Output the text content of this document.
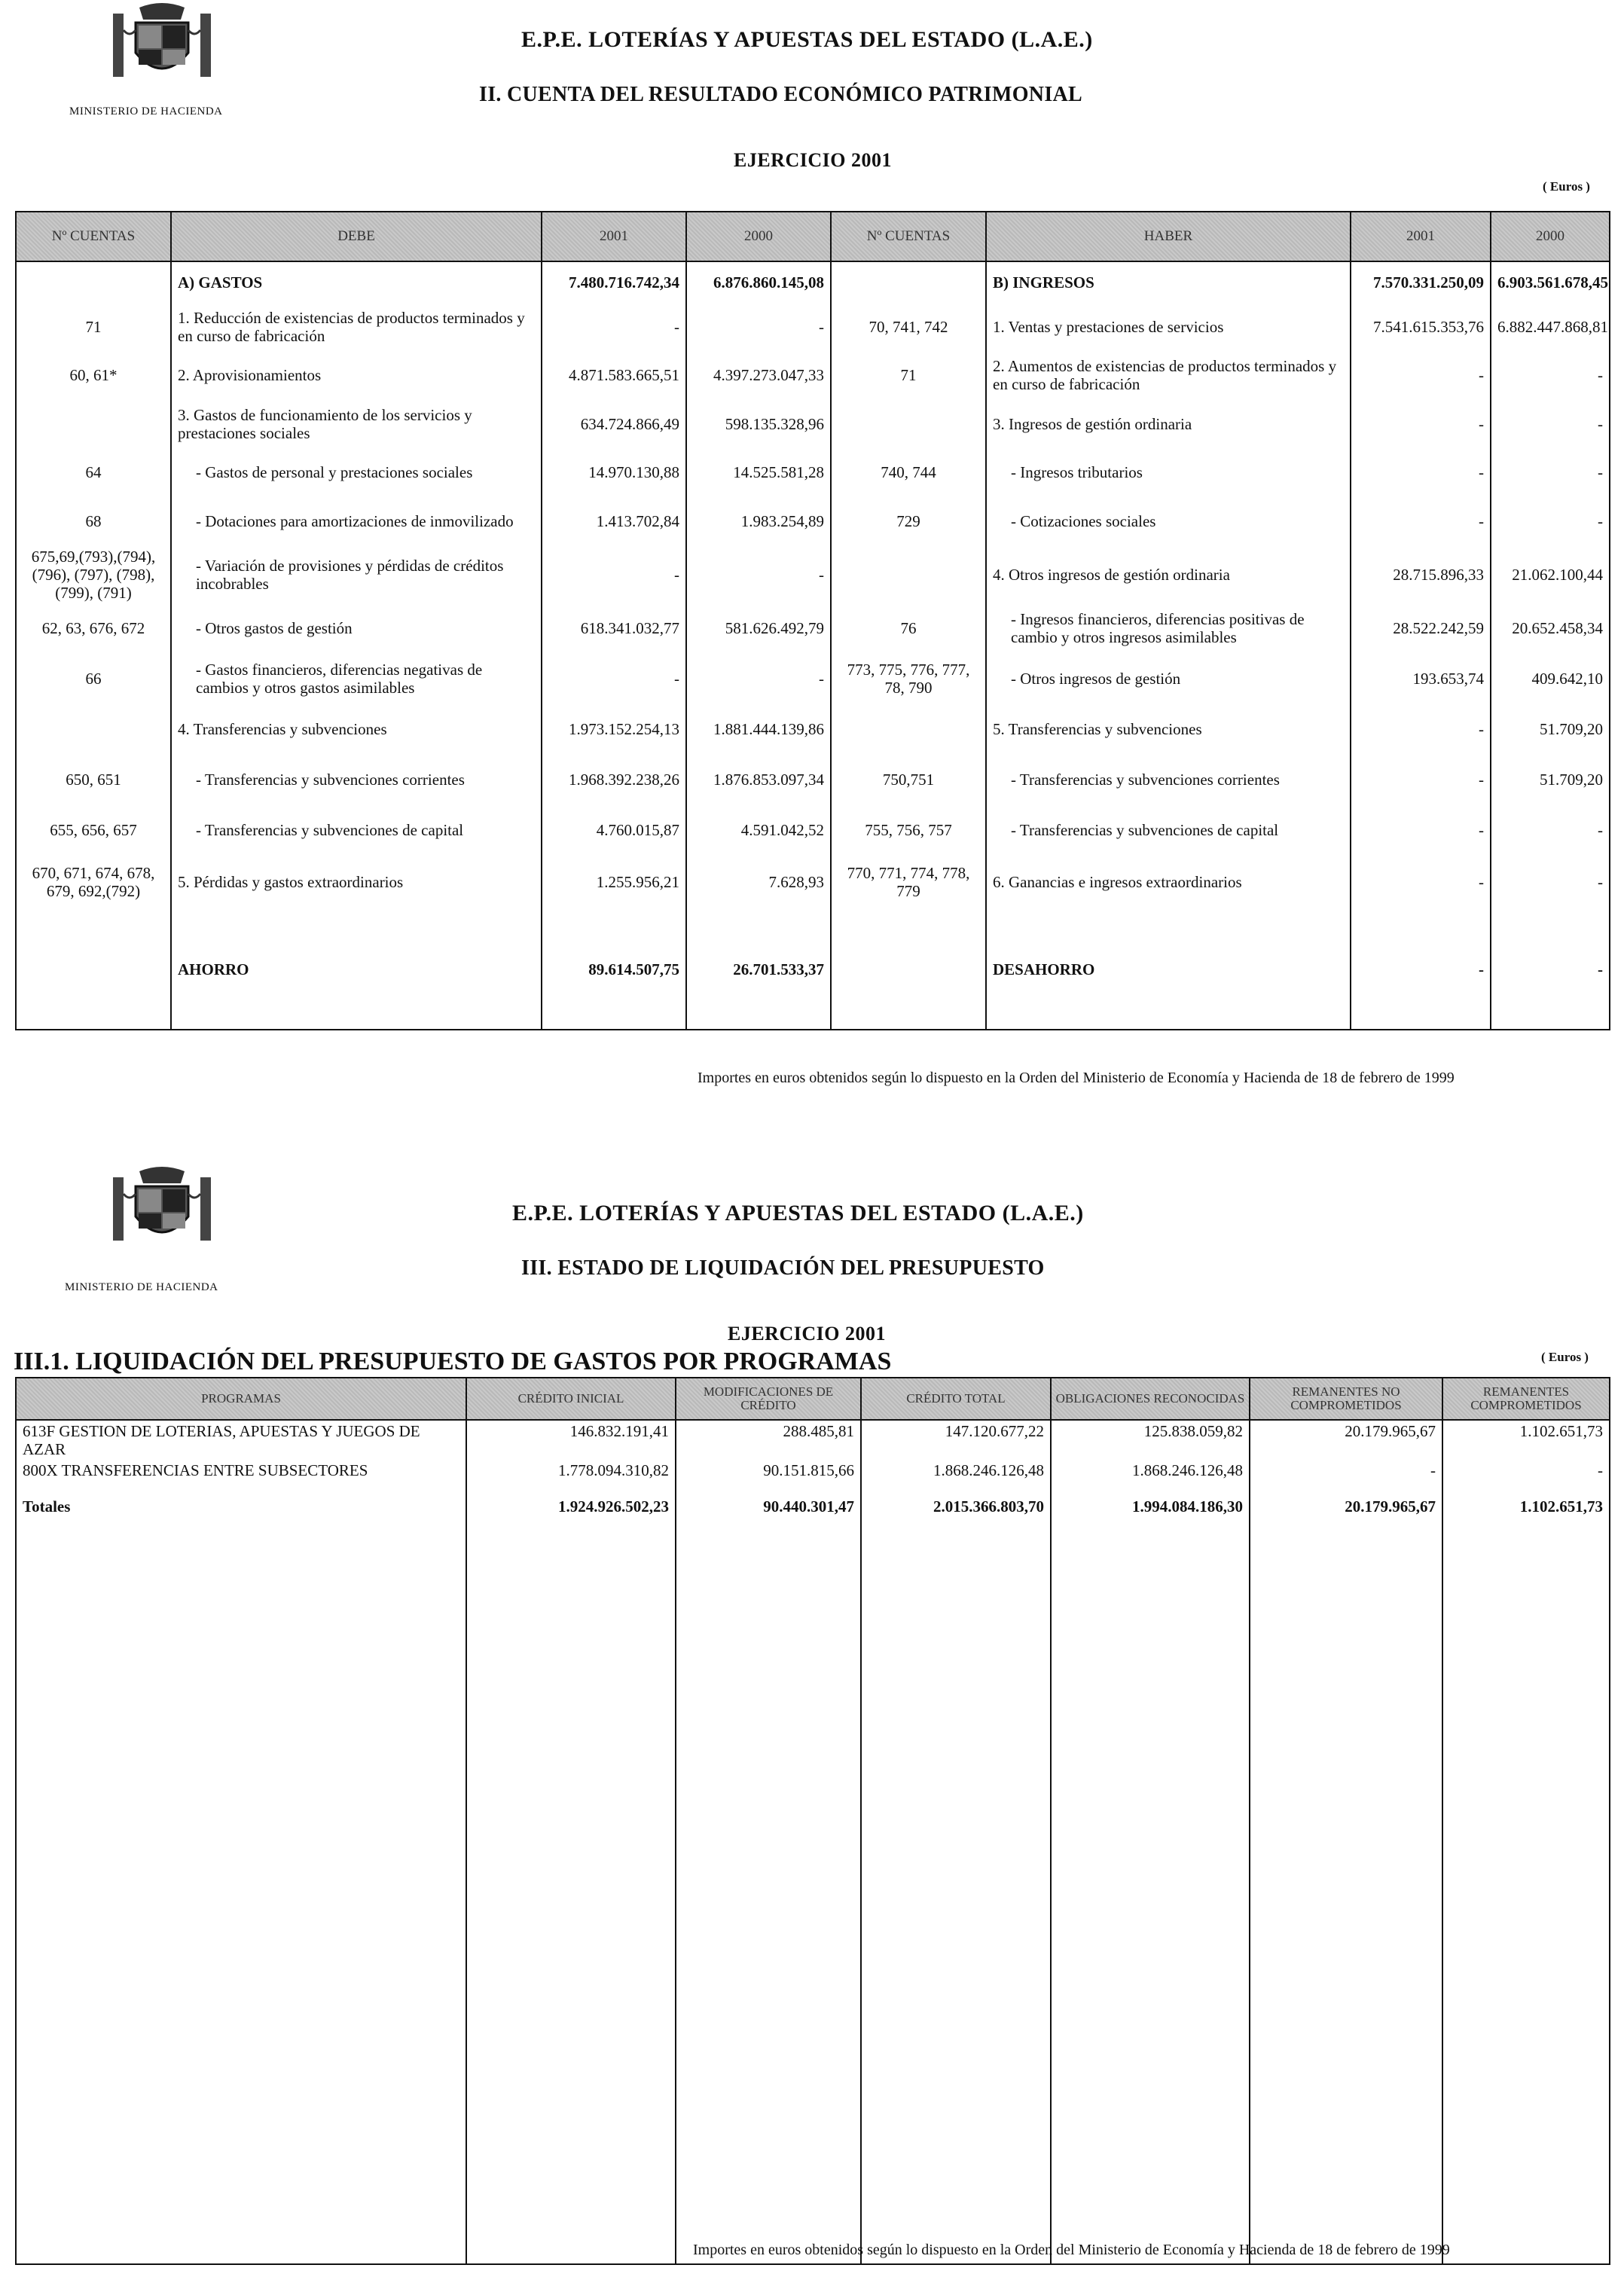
MINISTERIO DE HACIENDA
E.P.E. LOTERÍAS Y APUESTAS DEL ESTADO (L.A.E.)
II. CUENTA DEL RESULTADO ECONÓMICO PATRIMONIAL
EJERCICIO 2001
( Euros )
Nº CUENTAS	DEBE	2001	2000	Nº CUENTAS	HABER	2001	2000
	A) GASTOS	7.480.716.742,34	6.876.860.145,08		B) INGRESOS	7.570.331.250,09	6.903.561.678,45
71	1. Reducción de existencias de productos terminados y en curso de fabricación	-	-	70, 741, 742	1. Ventas y prestaciones de servicios	7.541.615.353,76	6.882.447.868,81
60, 61*	2. Aprovisionamientos	4.871.583.665,51	4.397.273.047,33	71	2. Aumentos de existencias de productos terminados y en curso de fabricación	-	-
	3. Gastos de funcionamiento de los servicios y prestaciones sociales	634.724.866,49	598.135.328,96		3. Ingresos de gestión ordinaria	-	-
64	- Gastos de personal y prestaciones sociales	14.970.130,88	14.525.581,28	740, 744	- Ingresos tributarios	-	-
68	- Dotaciones para amortizaciones de inmovilizado	1.413.702,84	1.983.254,89	729	- Cotizaciones sociales	-	-
675,69,(793),(794), (796), (797), (798), (799), (791)	- Variación de provisiones y pérdidas de créditos incobrables	-	-		4. Otros ingresos de gestión ordinaria	28.715.896,33	21.062.100,44
62, 63, 676, 672	- Otros gastos de gestión	618.341.032,77	581.626.492,79	76	- Ingresos financieros, diferencias positivas de cambio y otros ingresos asimilables	28.522.242,59	20.652.458,34
66	- Gastos financieros, diferencias negativas de cambios y otros gastos asimilables	-	-	773, 775, 776, 777, 78, 790	- Otros ingresos de gestión	193.653,74	409.642,10
	4. Transferencias y subvenciones	1.973.152.254,13	1.881.444.139,86		5. Transferencias y subvenciones	-	51.709,20
650, 651	- Transferencias y subvenciones corrientes	1.968.392.238,26	1.876.853.097,34	750,751	- Transferencias y subvenciones corrientes	-	51.709,20
655, 656, 657	- Transferencias y subvenciones de capital	4.760.015,87	4.591.042,52	755, 756, 757	- Transferencias y subvenciones de capital	-	-
670, 671, 674, 678, 679, 692,(792)	5. Pérdidas y gastos extraordinarios	1.255.956,21	7.628,93	770, 771, 774, 778, 779	6. Ganancias e ingresos extraordinarios	-	-
	AHORRO	89.614.507,75	26.701.533,37		DESAHORRO	-	-
Importes en euros obtenidos según lo dispuesto en la Orden del Ministerio de Economía y Hacienda de 18 de febrero de 1999
MINISTERIO DE HACIENDA
E.P.E. LOTERÍAS Y APUESTAS DEL ESTADO (L.A.E.)
III. ESTADO DE LIQUIDACIÓN DEL PRESUPUESTO
EJERCICIO 2001
III.1. LIQUIDACIÓN DEL PRESUPUESTO DE GASTOS POR PROGRAMAS	( Euros )
PROGRAMAS	CRÉDITO INICIAL	MODIFICACIONES DE CRÉDITO	CRÉDITO TOTAL	OBLIGACIONES RECONOCIDAS	REMANENTES NO COMPROMETIDOS	REMANENTES COMPROMETIDOS
613F GESTION DE LOTERIAS, APUESTAS Y JUEGOS DE AZAR	146.832.191,41	288.485,81	147.120.677,22	125.838.059,82	20.179.965,67	1.102.651,73
800X TRANSFERENCIAS ENTRE SUBSECTORES	1.778.094.310,82	90.151.815,66	1.868.246.126,48	1.868.246.126,48	-	-
Totales	1.924.926.502,23	90.440.301,47	2.015.366.803,70	1.994.084.186,30	20.179.965,67	1.102.651,73
Importes en euros obtenidos según lo dispuesto en la Orden del Ministerio de Economía y Hacienda de 18 de febrero de 1999
